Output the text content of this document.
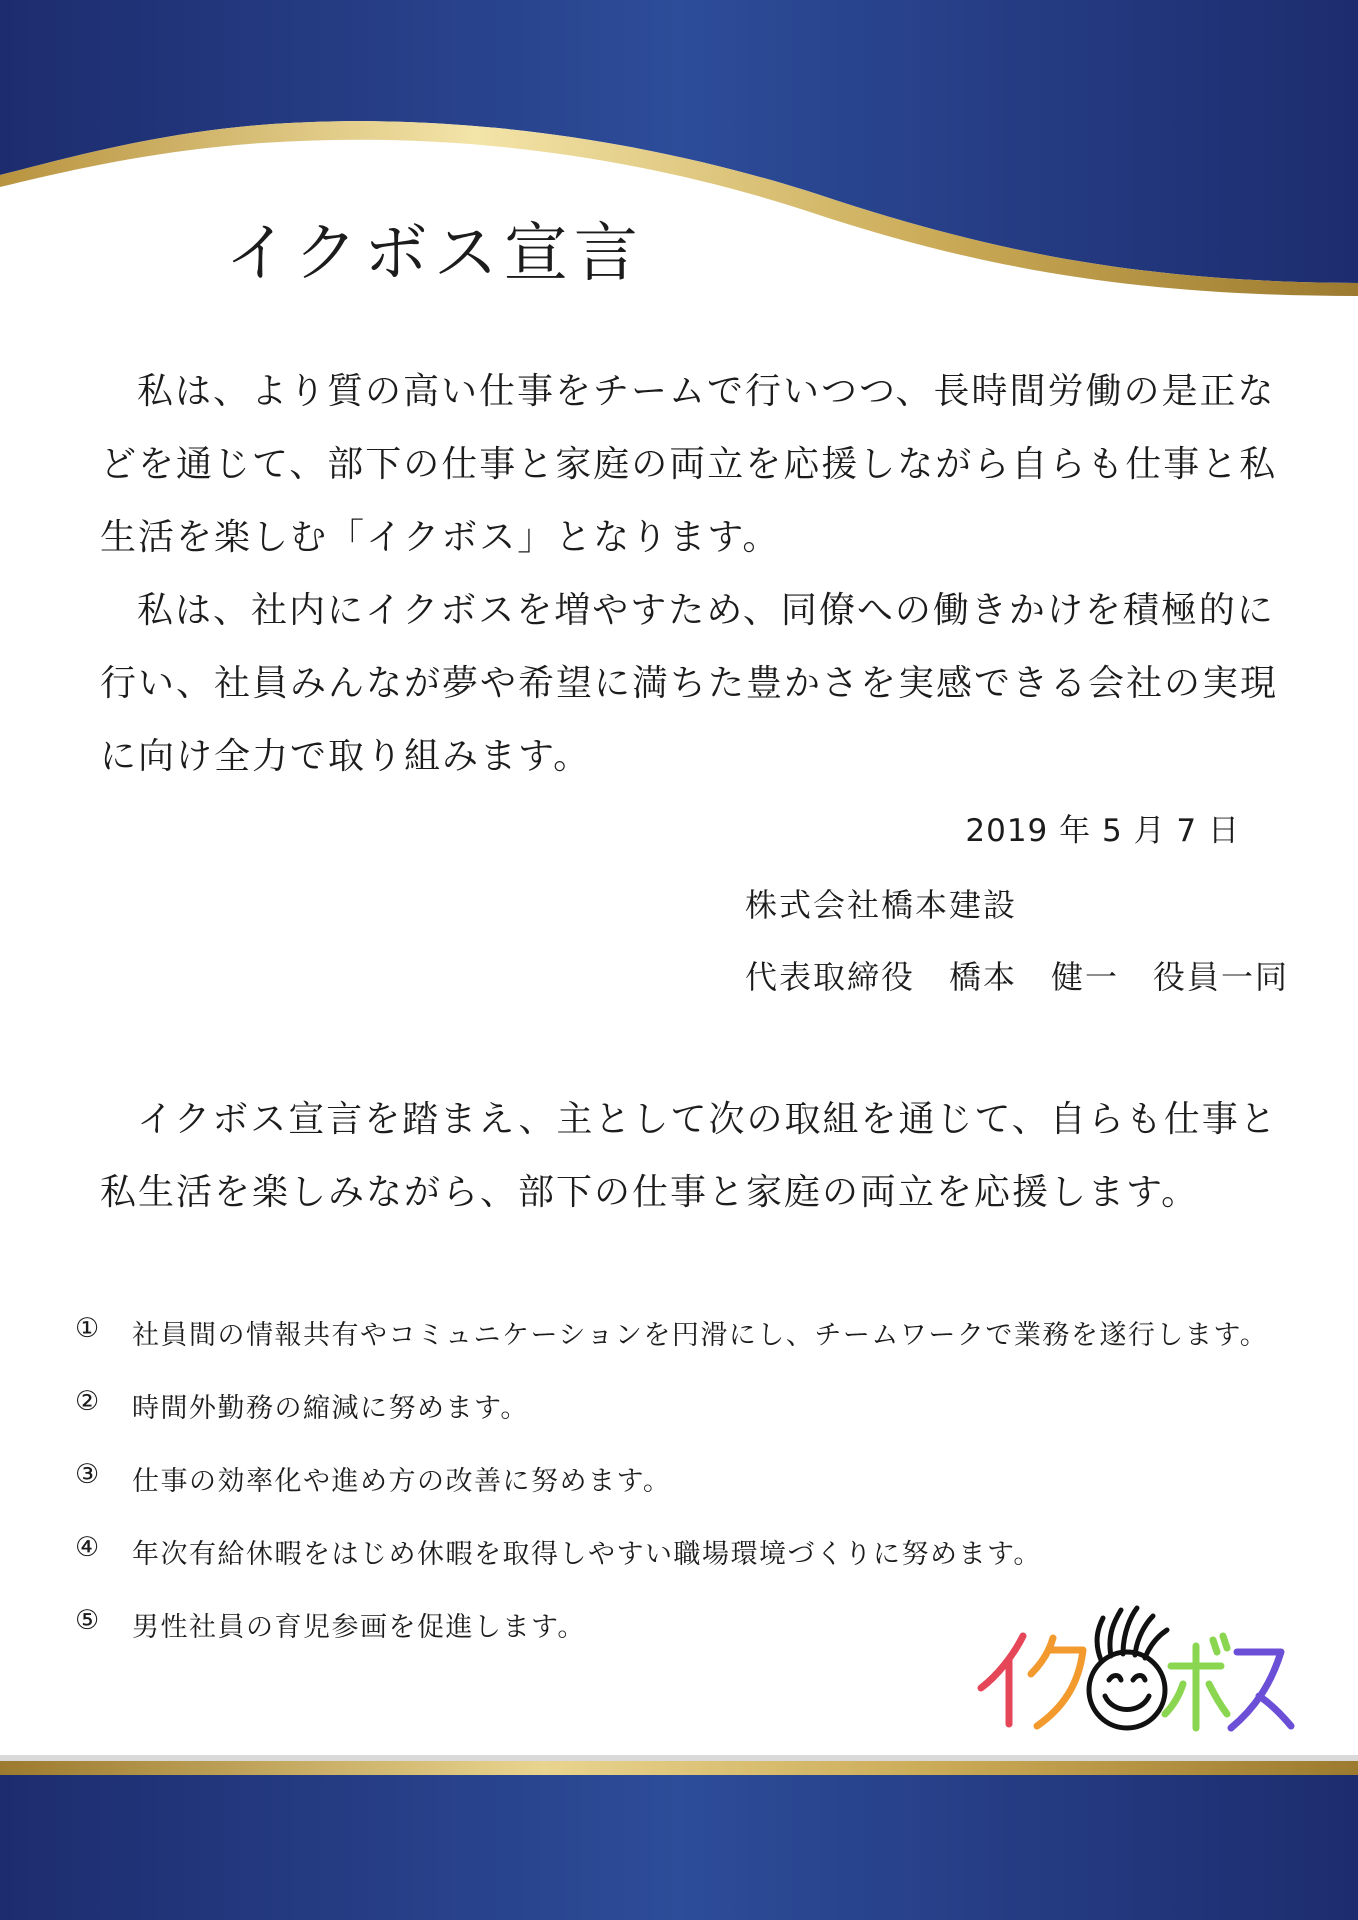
イクボス宣言

私は、より質の高い仕事をチームで行いつつ、長時間労働の是正などを通じて、部下の仕事と家庭の両立を応援しながら自らも仕事と私生活を楽しむ「イクボス」となります。

私は、社内にイクボスを増やすため、同僚への働きかけを積極的に行い、社員みんなが夢や希望に満ちた豊かさを実感できる会社の実現に向け全力で取り組みます。

2019 年 5 月 7 日
株式会社橋本建設
代表取締役　橋本　健一　役員一同

イクボス宣言を踏まえ、主として次の取組を通じて、自らも仕事と私生活を楽しみながら、部下の仕事と家庭の両立を応援します。

①	社員間の情報共有やコミュニケーションを円滑にし、チームワークで業務を遂行します。
②	時間外勤務の縮減に努めます。
③	仕事の効率化や進め方の改善に努めます。
④	年次有給休暇をはじめ休暇を取得しやすい職場環境づくりに努めます。
⑤	男性社員の育児参画を促進します。
